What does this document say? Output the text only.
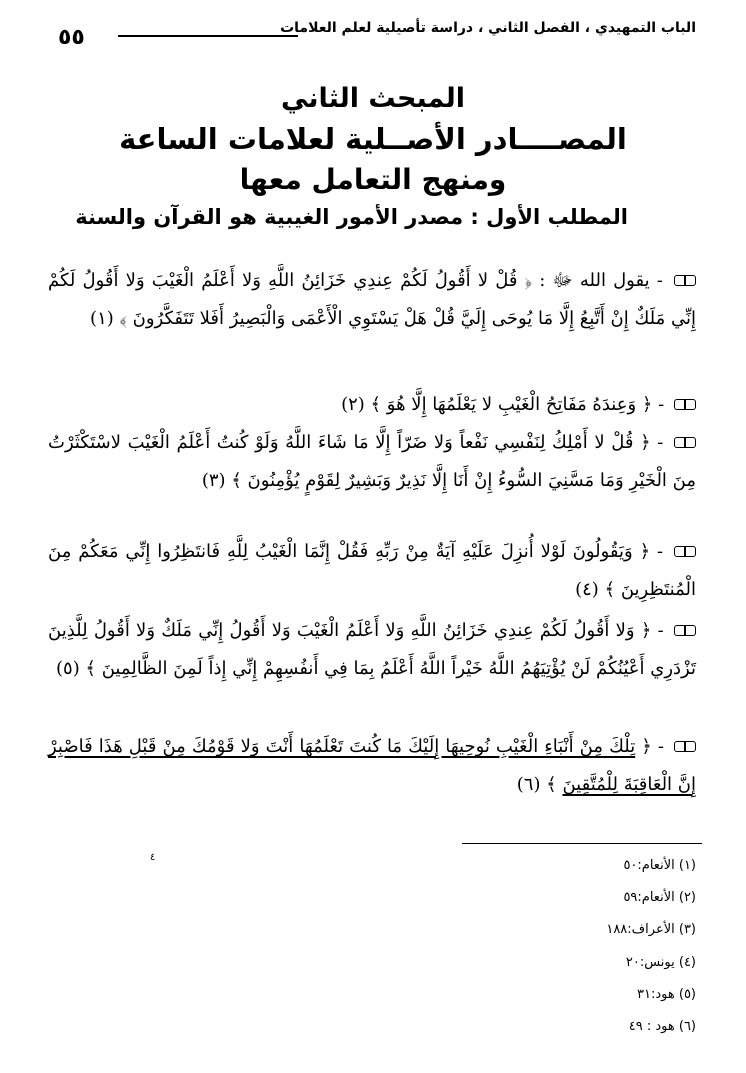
الباب التمهيدي ، الفصل الثاني ، دراسة تأصيلية لعلم العلامات
٥٥
المبحث الثاني
المصــــادر الأصــلية لعلامات الساعة
ومنهج التعامل معها
المطلب الأول : مصدر الأمور الغيبية هو القرآن والسنة
- يقول الله ﷻ : ﴿ قُلْ لا أَقُولُ لَكُمْ عِندِي خَزَائِنُ اللَّهِ وَلا أَعْلَمُ الْغَيْبَ وَلا أَقُولُ لَكُمْ إِنِّي مَلَكٌ إِنْ أَتَّبِعُ إِلَّا مَا يُوحَى إِلَيَّ قُلْ هَلْ يَسْتَوِي الْأَعْمَى وَالْبَصِيرُ أَفَلا تَتَفَكَّرُونَ ﴾ (١)
- ﴿ وَعِندَهُ مَفَاتِحُ الْغَيْبِ لا يَعْلَمُهَا إِلَّا هُوَ ﴾ (٢)
- ﴿ قُلْ لا أَمْلِكُ لِنَفْسِي نَفْعاً وَلا ضَرّاً إِلَّا مَا شَاءَ اللَّهُ وَلَوْ كُنتُ أَعْلَمُ الْغَيْبَ لاسْتَكْثَرْتُ مِنَ الْخَيْرِ وَمَا مَسَّنِيَ السُّوءُ إِنْ أَنَا إِلَّا نَذِيرٌ وَبَشِيرٌ لِقَوْمٍ يُؤْمِنُونَ ﴾ (٣)
- ﴿ وَيَقُولُونَ لَوْلا أُنزِلَ عَلَيْهِ آيَةٌ مِنْ رَبِّهِ فَقُلْ إِنَّمَا الْغَيْبُ لِلَّهِ فَانتَظِرُوا إِنِّي مَعَكُمْ مِنَ الْمُنتَظِرِينَ ﴾ (٤)
- ﴿ وَلا أَقُولُ لَكُمْ عِندِي خَزَائِنُ اللَّهِ وَلا أَعْلَمُ الْغَيْبَ وَلا أَقُولُ إِنِّي مَلَكٌ وَلا أَقُولُ لِلَّذِينَ تَزْدَرِي أَعْيُنُكُمْ لَنْ يُؤْتِيَهُمُ اللَّهُ خَيْراً اللَّهُ أَعْلَمُ بِمَا فِي أَنفُسِهِمْ إِنِّي إِذاً لَمِنَ الظَّالِمِينَ ﴾ (٥)
- ﴿ تِلْكَ مِنْ أَنْبَاءِ الْغَيْبِ نُوحِيهَا إِلَيْكَ مَا كُنتَ تَعْلَمُهَا أَنْتَ وَلا قَوْمُكَ مِنْ قَبْلِ هَذَا فَاصْبِرْ إِنَّ الْعَاقِبَةَ لِلْمُتَّقِينَ ﴾ (٦)
٤
(١) الأنعام:٥٠
(٢) الأنعام:٥٩
(٣) الأعراف:١٨٨
(٤) يونس:٢٠
(٥) هود:٣١
(٦) هود : ٤٩
